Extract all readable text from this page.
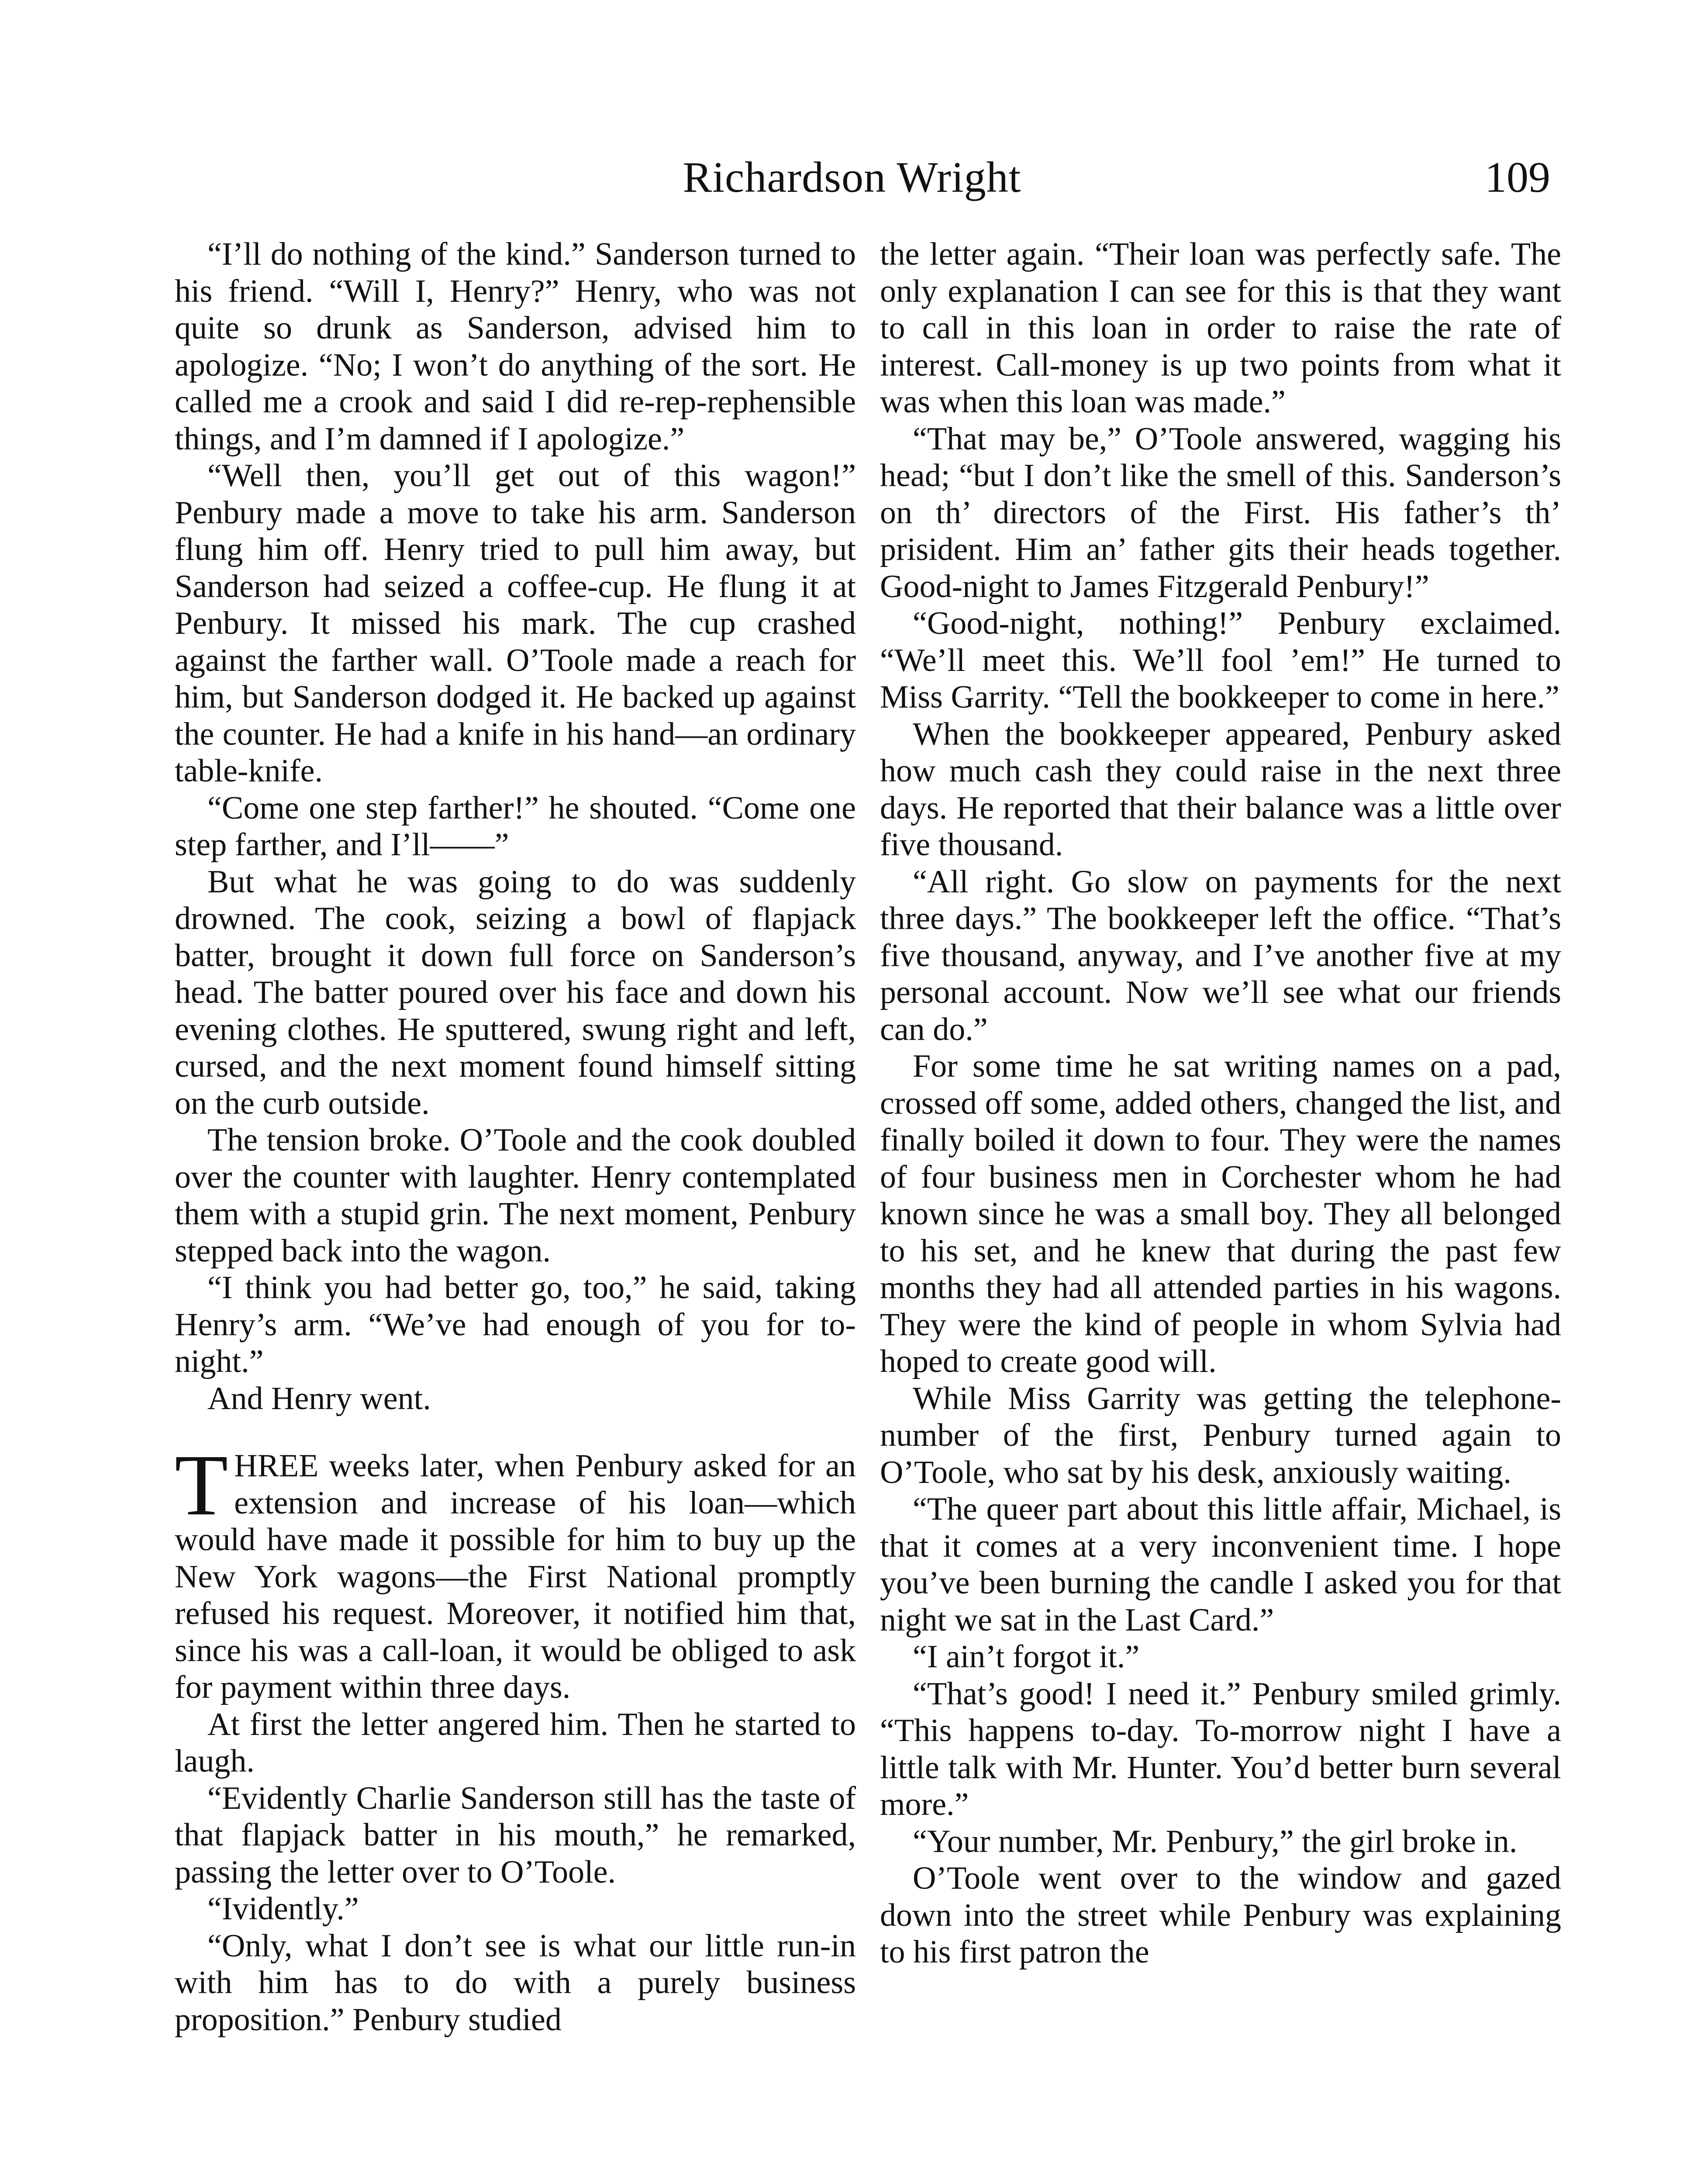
Richardson Wright	109

“I’ll do nothing of the kind.” Sanderson turned to his friend. “Will I, Henry?” Henry, who was not quite so drunk as Sanderson, advised him to apologize. “No; I won’t do anything of the sort. He called me a crook and said I did re-rep-rephensible things, and I’m damned if I apologize.”

“Well then, you’ll get out of this wagon!” Penbury made a move to take his arm. Sanderson flung him off. Henry tried to pull him away, but Sanderson had seized a coffee-cup. He flung it at Penbury. It missed his mark. The cup crashed against the farther wall. O’Toole made a reach for him, but Sanderson dodged it. He backed up against the counter. He had a knife in his hand—an ordinary table-knife.

“Come one step farther!” he shouted. “Come one step farther, and I’ll——”

But what he was going to do was suddenly drowned. The cook, seizing a bowl of flapjack batter, brought it down full force on Sanderson’s head. The batter poured over his face and down his evening clothes. He sputtered, swung right and left, cursed, and the next moment found himself sitting on the curb outside.

The tension broke. O’Toole and the cook doubled over the counter with laughter. Henry contemplated them with a stupid grin. The next moment, Penbury stepped back into the wagon.

“I think you had better go, too,” he said, taking Henry’s arm. “We’ve had enough of you for to-night.”

And Henry went.

THREE weeks later, when Penbury asked for an extension and increase of his loan—which would have made it possible for him to buy up the New York wagons—the First National promptly refused his request. Moreover, it notified him that, since his was a call-loan, it would be obliged to ask for payment within three days.

At first the letter angered him. Then he started to laugh.

“Evidently Charlie Sanderson still has the taste of that flapjack batter in his mouth,” he remarked, passing the letter over to O’Toole.

“Ividently.”

“Only, what I don’t see is what our little run-in with him has to do with a purely business proposition.” Penbury studied

the letter again. “Their loan was perfectly safe. The only explanation I can see for this is that they want to call in this loan in order to raise the rate of interest. Call-money is up two points from what it was when this loan was made.”

“That may be,” O’Toole answered, wagging his head; “but I don’t like the smell of this. Sanderson’s on th’ directors of the First. His father’s th’ prisident. Him an’ father gits their heads together. Good-night to James Fitzgerald Penbury!”

“Good-night, nothing!” Penbury exclaimed. “We’ll meet this. We’ll fool ’em!” He turned to Miss Garrity. “Tell the bookkeeper to come in here.”

When the bookkeeper appeared, Penbury asked how much cash they could raise in the next three days. He reported that their balance was a little over five thousand.

“All right. Go slow on payments for the next three days.” The bookkeeper left the office. “That’s five thousand, anyway, and I’ve another five at my personal account. Now we’ll see what our friends can do.”

For some time he sat writing names on a pad, crossed off some, added others, changed the list, and finally boiled it down to four. They were the names of four business men in Corchester whom he had known since he was a small boy. They all belonged to his set, and he knew that during the past few months they had all attended parties in his wagons. They were the kind of people in whom Sylvia had hoped to create good will.

While Miss Garrity was getting the telephone-number of the first, Penbury turned again to O’Toole, who sat by his desk, anxiously waiting.

“The queer part about this little affair, Michael, is that it comes at a very inconvenient time. I hope you’ve been burning the candle I asked you for that night we sat in the Last Card.”

“I ain’t forgot it.”

“That’s good! I need it.” Penbury smiled grimly. “This happens to-day. To-morrow night I have a little talk with Mr. Hunter. You’d better burn several more.”

“Your number, Mr. Penbury,” the girl broke in.

O’Toole went over to the window and gazed down into the street while Penbury was explaining to his first patron the
